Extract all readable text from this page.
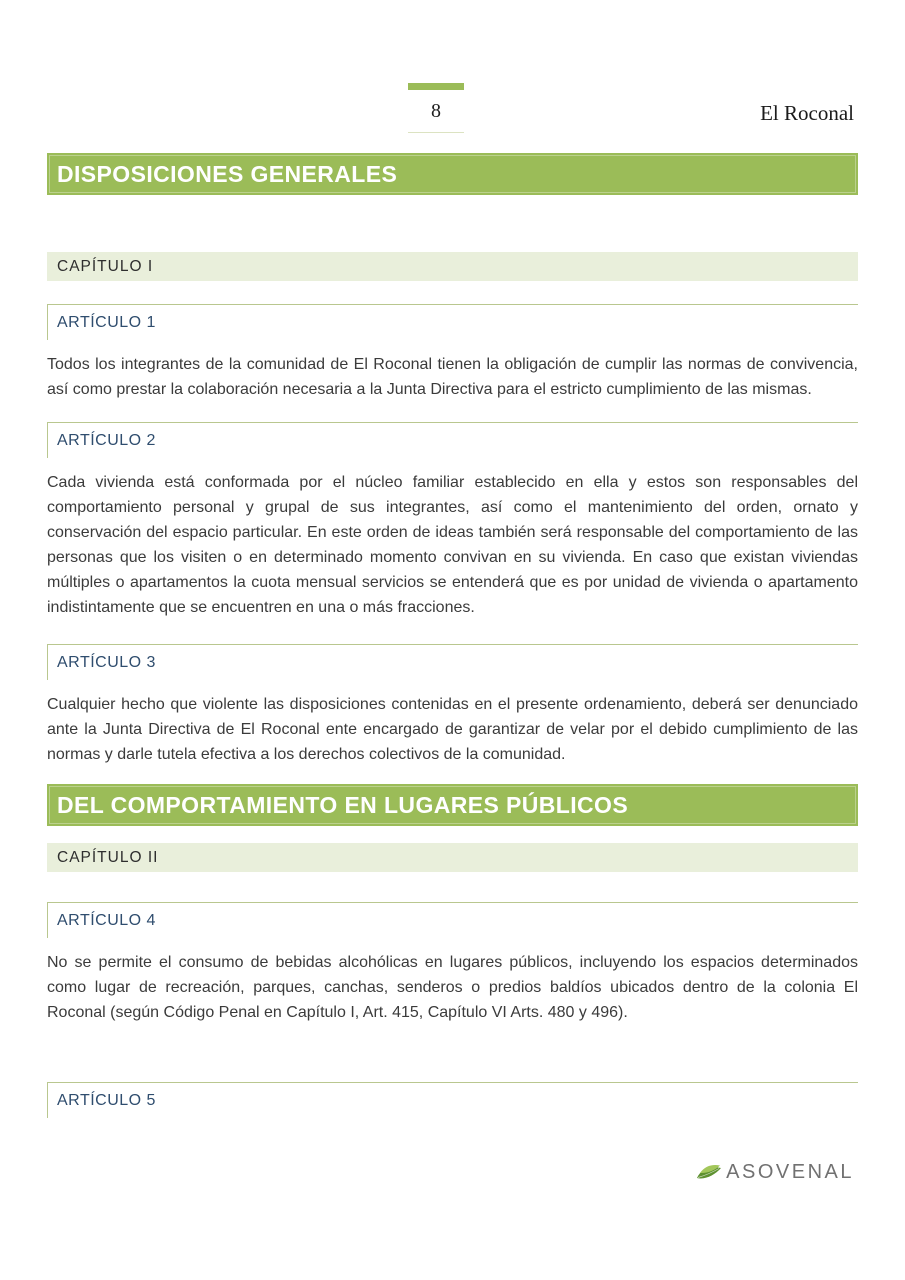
8	El Roconal
DISPOSICIONES GENERALES
CAPÍTULO I
ARTÍCULO 1

Todos los integrantes de la comunidad de El Roconal tienen la obligación de cumplir las normas de convivencia, así como prestar la colaboración necesaria a la Junta Directiva para el estricto cumplimiento de las mismas.

ARTÍCULO 2

Cada vivienda está conformada por el núcleo familiar establecido en ella y estos son responsables del comportamiento personal y grupal de sus integrantes, así como el mantenimiento del orden, ornato y conservación del espacio particular. En este orden de ideas también será responsable del comportamiento de las personas que los visiten o en determinado momento convivan en su vivienda. En caso que existan viviendas múltiples o apartamentos la cuota mensual servicios se entenderá que es por unidad de vivienda o apartamento indistintamente que se encuentren en una o más fracciones.

ARTÍCULO 3

Cualquier hecho que violente las disposiciones contenidas en el presente ordenamiento, deberá ser denunciado ante la Junta Directiva de El Roconal ente encargado de garantizar de velar por el debido cumplimiento de las normas y darle tutela efectiva a los derechos colectivos de la comunidad.

DEL COMPORTAMIENTO EN LUGARES PÚBLICOS
CAPÍTULO II
ARTÍCULO 4

No se permite el consumo de bebidas alcohólicas en lugares públicos, incluyendo los espacios determinados como lugar de recreación, parques, canchas, senderos o predios baldíos ubicados dentro de la colonia El Roconal (según Código Penal en Capítulo I, Art. 415, Capítulo VI Arts. 480 y 496).

ARTÍCULO 5
ASOVENAL
